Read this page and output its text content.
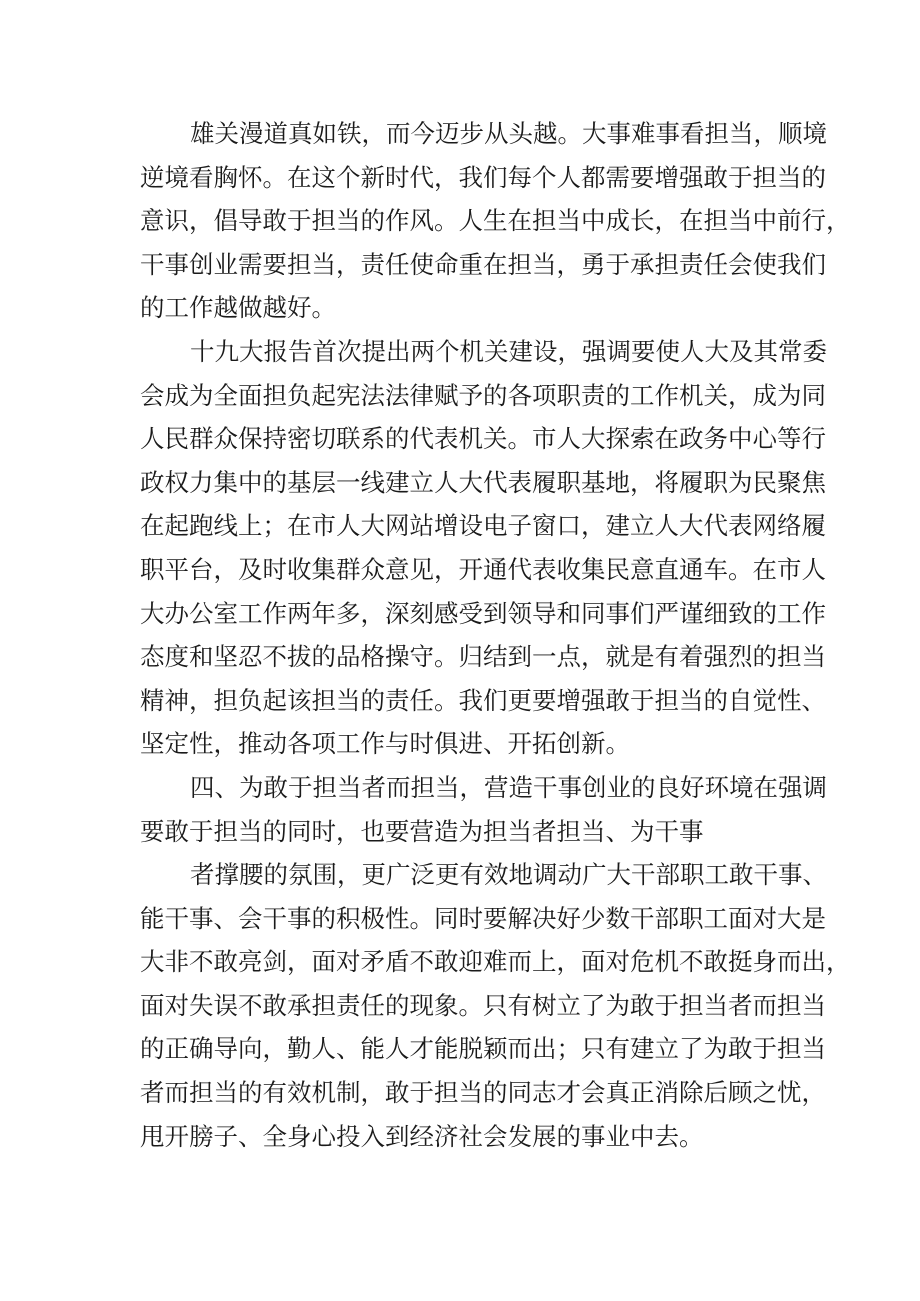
雄关漫道真如铁，而今迈步从头越。大事难事看担当，顺境
逆境看胸怀。在这个新时代，我们每个人都需要增强敢于担当的
意识，倡导敢于担当的作风。人生在担当中成长，在担当中前行，
干事创业需要担当，责任使命重在担当，勇于承担责任会使我们
的工作越做越好。
十九大报告首次提出两个机关建设，强调要使人大及其常委
会成为全面担负起宪法法律赋予的各项职责的工作机关，成为同
人民群众保持密切联系的代表机关。市人大探索在政务中心等行
政权力集中的基层一线建立人大代表履职基地，将履职为民聚焦
在起跑线上；在市人大网站增设电子窗口，建立人大代表网络履
职平台，及时收集群众意见，开通代表收集民意直通车。在市人
大办公室工作两年多，深刻感受到领导和同事们严谨细致的工作
态度和坚忍不拔的品格操守。归结到一点，就是有着强烈的担当
精神，担负起该担当的责任。我们更要增强敢于担当的自觉性、
坚定性，推动各项工作与时俱进、开拓创新。
四、为敢于担当者而担当，营造干事创业的良好环境在强调
要敢于担当的同时，也要营造为担当者担当、为干事
者撑腰的氛围，更广泛更有效地调动广大干部职工敢干事、
能干事、会干事的积极性。同时要解决好少数干部职工面对大是
大非不敢亮剑，面对矛盾不敢迎难而上，面对危机不敢挺身而出，
面对失误不敢承担责任的现象。只有树立了为敢于担当者而担当
的正确导向，勤人、能人才能脱颖而出；只有建立了为敢于担当
者而担当的有效机制，敢于担当的同志才会真正消除后顾之忧，
甩开膀子、全身心投入到经济社会发展的事业中去。
